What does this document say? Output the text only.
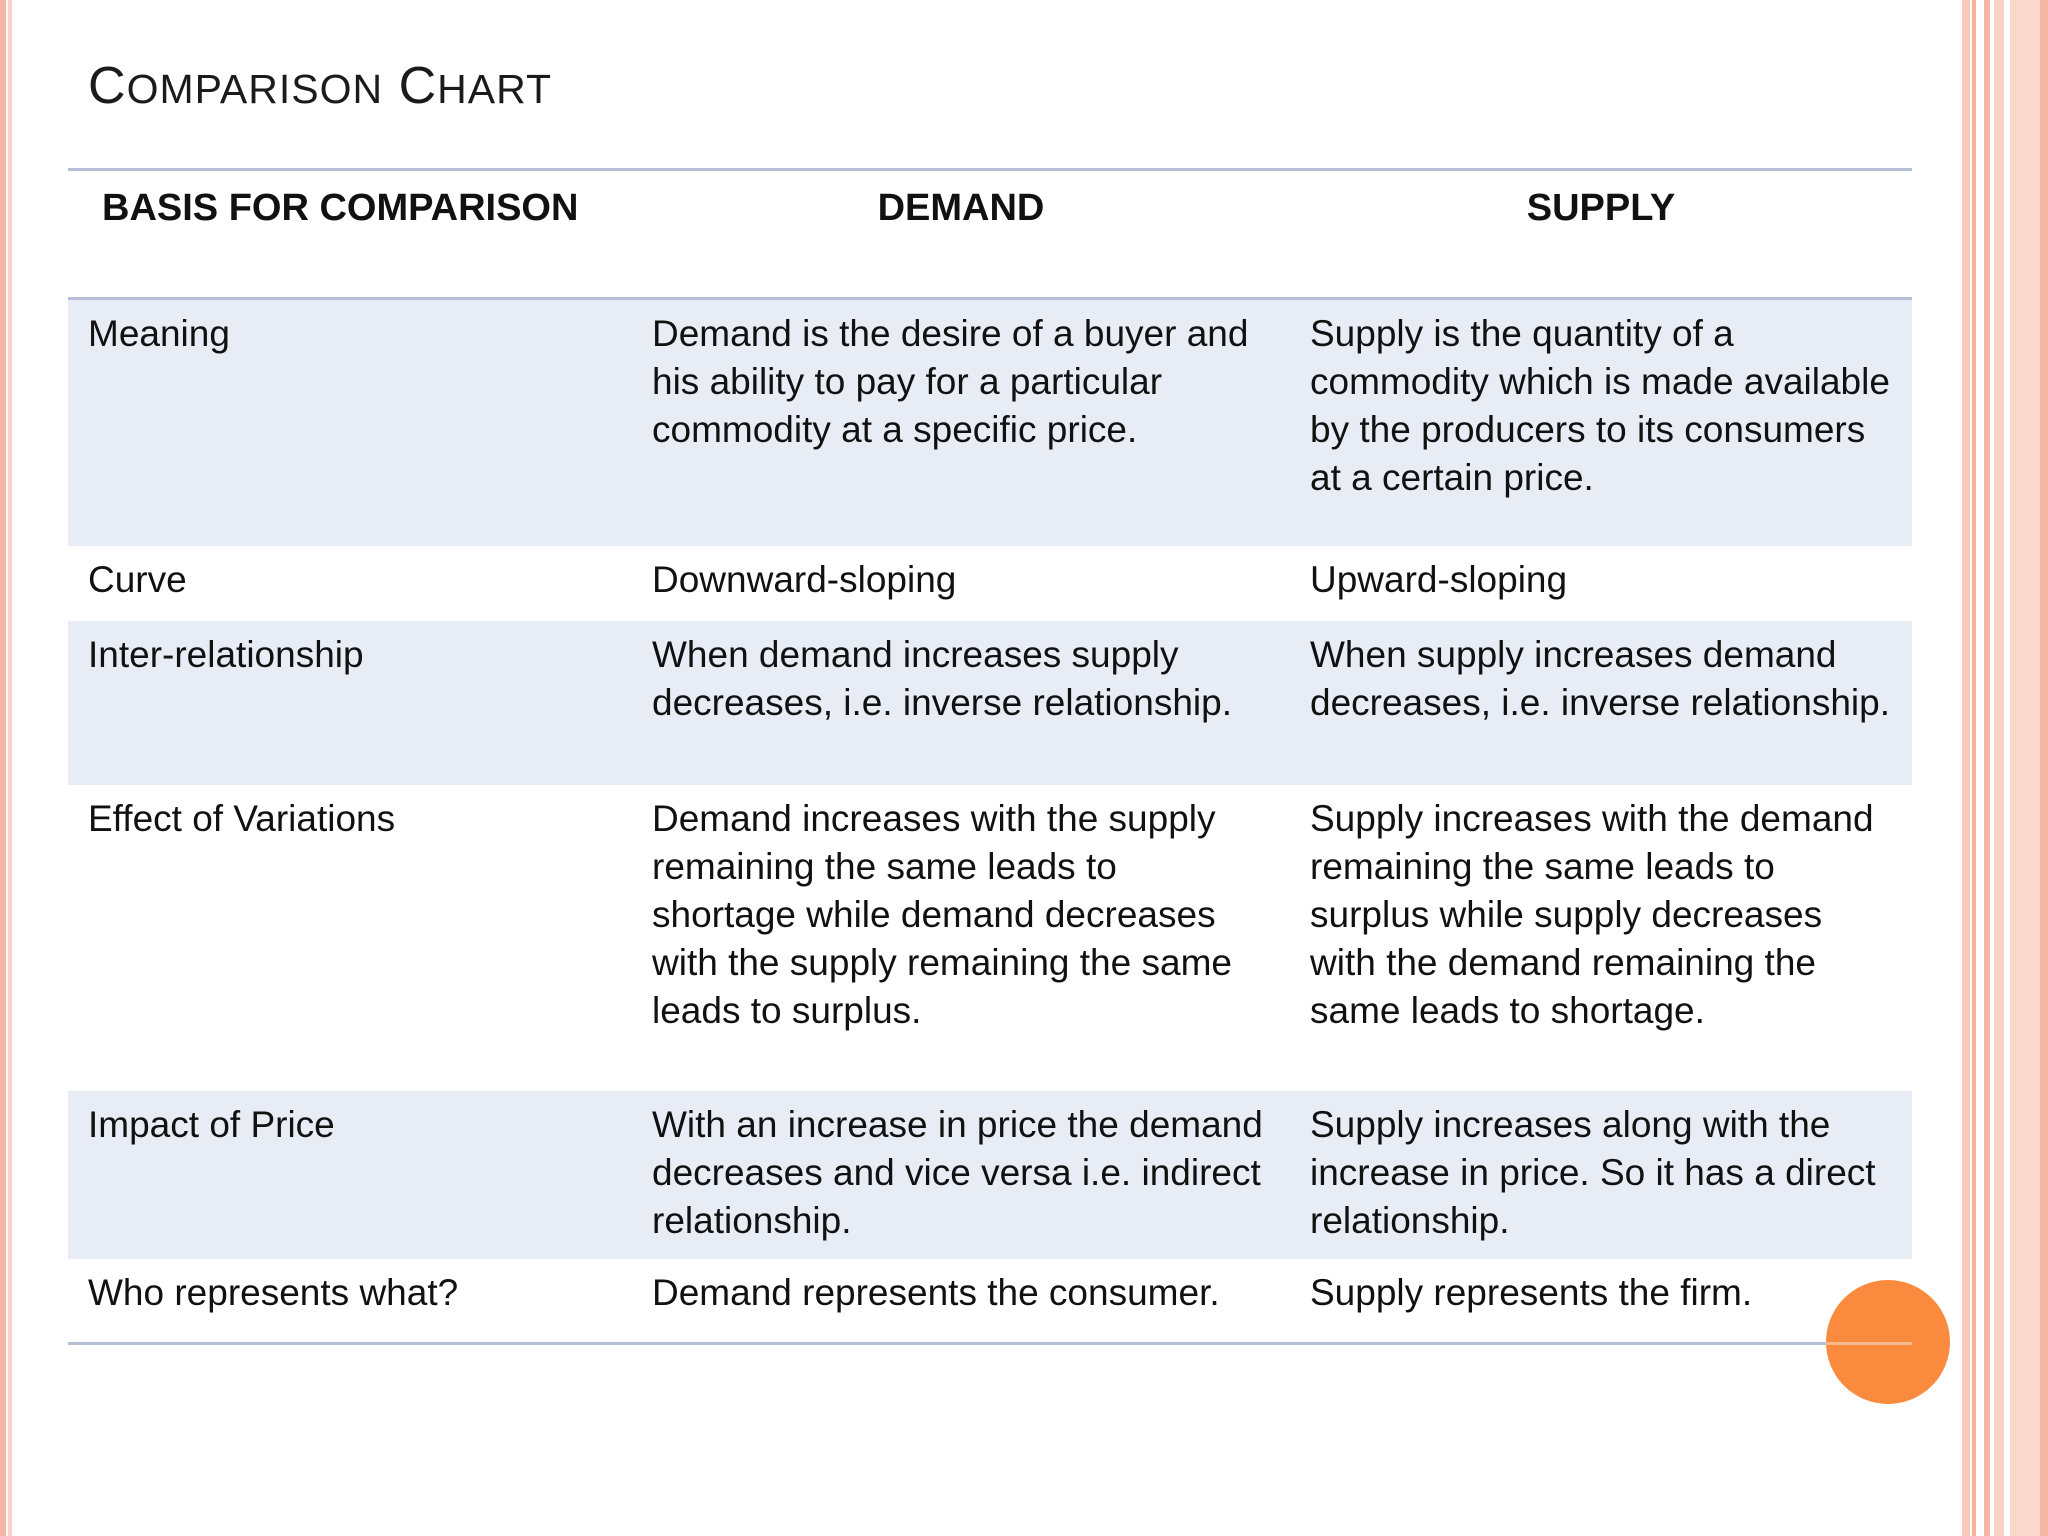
COMPARISON CHART
BASIS FOR COMPARISON	DEMAND	SUPPLY
Meaning	Demand is the desire of a buyer and his ability to pay for a particular commodity at a specific price.	Supply is the quantity of a commodity which is made available by the producers to its consumers at a certain price.
Curve	Downward-sloping	Upward-sloping
Inter-relationship	When demand increases supply decreases, i.e. inverse relationship.	When supply increases demand decreases, i.e. inverse relationship.
Effect of Variations	Demand increases with the supply remaining the same leads to shortage while demand decreases with the supply remaining the same leads to surplus.	Supply increases with the demand remaining the same leads to surplus while supply decreases with the demand remaining the same leads to shortage.
Impact of Price	With an increase in price the demand decreases and vice versa i.e. indirect relationship.	Supply increases along with the increase in price. So it has a direct relationship.
Who represents what?	Demand represents the consumer.	Supply represents the firm.
